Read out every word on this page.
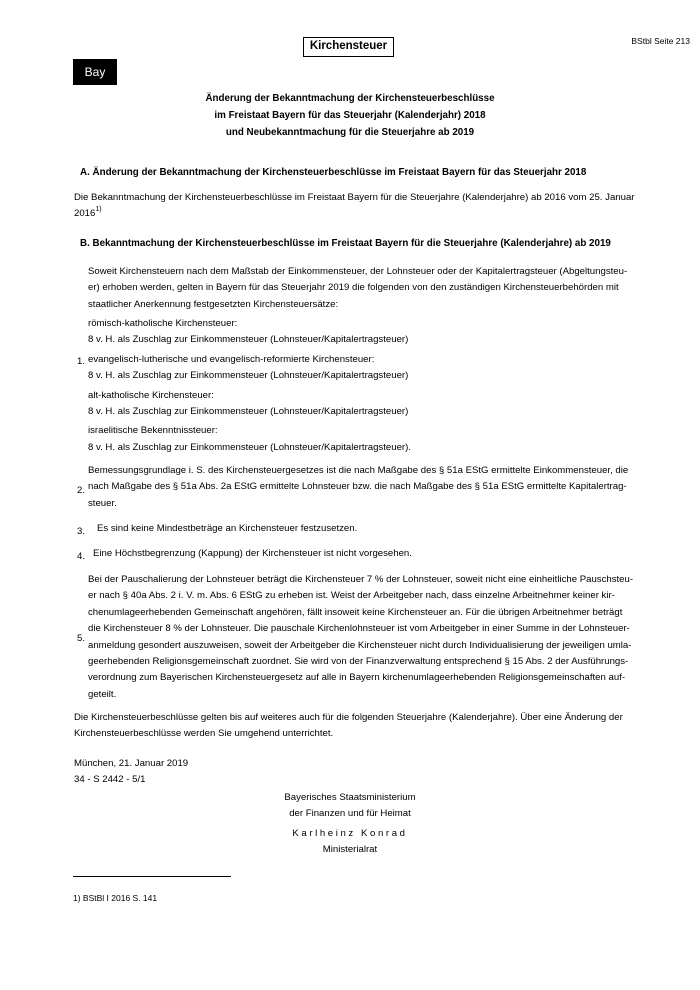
Kirchensteuer	BStbl Seite 213
Bay
Änderung der Bekanntmachung der Kirchensteuerbeschlüsse
im Freistaat Bayern für das Steuerjahr (Kalenderjahr) 2018
und Neubekanntmachung für die Steuerjahre ab 2019
A. Änderung der Bekanntmachung der Kirchensteuerbeschlüsse im Freistaat Bayern für das Steuerjahr 2018
Die Bekanntmachung der Kirchensteuerbeschlüsse im Freistaat Bayern für die Steuerjahre (Kalenderjahre) ab 2016 vom 25. Januar
2016$^{1)}$
B. Bekanntmachung der Kirchensteuerbeschlüsse im Freistaat Bayern für die Steuerjahre (Kalenderjahre) ab 2019
Soweit Kirchensteuern nach dem Maßstab der Einkommensteuer, der Lohnsteuer oder der Kapitalertragsteuer (Abgeltungsteu-
er) erhoben werden, gelten in Bayern für das Steuerjahr 2019 die folgenden von den zuständigen Kirchensteuerbehörden mit
staatlicher Anerkennung festgesetzten Kirchensteuersätze:
1.
römisch-katholische Kirchensteuer:
8 v. H. als Zuschlag zur Einkommensteuer (Lohnsteuer/Kapitalertragsteuer)
evangelisch-lutherische und evangelisch-reformierte Kirchensteuer:
8 v. H. als Zuschlag zur Einkommensteuer (Lohnsteuer/Kapitalertragsteuer)
alt-katholische Kirchensteuer:
8 v. H. als Zuschlag zur Einkommensteuer (Lohnsteuer/Kapitalertragsteuer)
israelitische Bekenntnissteuer:
8 v. H. als Zuschlag zur Einkommensteuer (Lohnsteuer/Kapitalertragsteuer).
2.
Bemessungsgrundlage i. S. des Kirchensteuergesetzes ist die nach Maßgabe des § 51a EStG ermittelte Einkommensteuer, die
nach Maßgabe des § 51a Abs. 2a EStG ermittelte Lohnsteuer bzw. die nach Maßgabe des § 51a EStG ermittelte Kapitalertrag-
steuer.
3. Es sind keine Mindestbeträge an Kirchensteuer festzusetzen.
4. Eine Höchstbegrenzung (Kappung) der Kirchensteuer ist nicht vorgesehen.
5.
Bei der Pauschalierung der Lohnsteuer beträgt die Kirchensteuer 7 % der Lohnsteuer, soweit nicht eine einheitliche Pauschsteu-
er nach § 40a Abs. 2 i. V. m. Abs. 6 EStG zu erheben ist. Weist der Arbeitgeber nach, dass einzelne Arbeitnehmer keiner kir-
chenumlageerhebenden Gemeinschaft angehören, fällt insoweit keine Kirchensteuer an. Für die übrigen Arbeitnehmer beträgt
die Kirchensteuer 8 % der Lohnsteuer. Die pauschale Kirchenlohnsteuer ist vom Arbeitgeber in einer Summe in der Lohnsteuer-
anmeldung gesondert auszuweisen, soweit der Arbeitgeber die Kirchensteuer nicht durch Individualisierung der jeweiligen umla-
geerhebenden Religionsgemeinschaft zuordnet. Sie wird von der Finanzverwaltung entsprechend § 15 Abs. 2 der Ausführungs-
verordnung zum Bayerischen Kirchensteuergesetz auf alle in Bayern kirchenumlageerhebenden Religionsgemeinschaften auf-
geteilt.
Die Kirchensteuerbeschlüsse gelten bis auf weiteres auch für die folgenden Steuerjahre (Kalenderjahre). Über eine Änderung der
Kirchensteuerbeschlüsse werden Sie umgehend unterrichtet.
München, 21. Januar 2019
34 - S 2442 - 5/1
Bayerisches Staatsministerium
der Finanzen und für Heimat
Karlheinz Konrad
Ministerialrat
1) BStBl I 2016 S. 141
